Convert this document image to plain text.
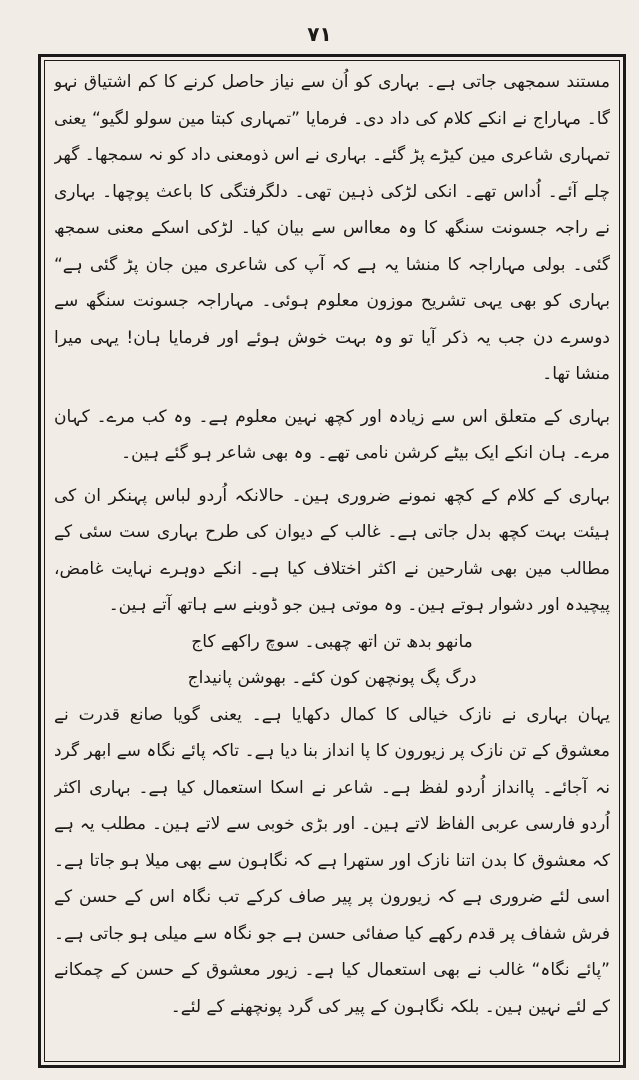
٧١

مستند سمجھی جاتی ہے۔ بہاری کو اُن سے نیاز حاصل کرنے کا کم اشتیاق نہو گا۔ مہاراج نے انکے کلام کی داد دی۔ فرمایا ”تمہاری کبتا مین سولو لگیو“ یعنی تمہاری شاعری مین کیڑے پڑ گئے۔ بہاری نے اس ذومعنی داد کو نہ سمجھا۔ گھر چلے آئے۔ اُداس تھے۔ انکی لڑکی ذہین تھی۔ دلگرفتگی کا باعث پوچھا۔ بہاری نے راجہ جسونت سنگھ کا وہ معااس سے بیان کیا۔ لڑکی اسکے معنی سمجھ گئی۔ بولی مہاراجہ کا منشا یہ ہے کہ آپ کی شاعری مین جان پڑ گئی ہے“ بہاری کو بھی یہی تشریح موزون معلوم ہوئی۔ مہاراجہ جسونت سنگھ سے دوسرے دن جب یہ ذکر آیا تو وہ بہت خوش ہوئے اور فرمایا ہان! یہی میرا منشا تھا۔

بہاری کے متعلق اس سے زیادہ اور کچھ نہین معلوم ہے۔ وہ کب مرے۔ کہان مرے۔ ہان انکے ایک بیٹے کرشن نامی تھے۔ وہ بھی شاعر ہو گئے ہین۔

بہاری کے کلام کے کچھ نمونے ضروری ہین۔ حالانکہ اُردو لباس پہنکر ان کی ہیئت بہت کچھ بدل جاتی ہے۔ غالب کے دیوان کی طرح بہاری ست سئی کے مطالب مین بھی شارحین نے اکثر اختلاف کیا ہے۔ انکے دوہرے نہایت غامض، پیچیدہ اور دشوار ہوتے ہین۔ وہ موتی ہین جو ڈوبنے سے ہاتھ آتے ہین۔

مانھو بدھ تن اتھ چھبی۔ سوچ راکھے کاج
درگ پگ پونچھن کون کئے۔ بھوشن پانیداج

یہان بہاری نے نازک خیالی کا کمال دکھایا ہے۔ یعنی گویا صانع قدرت نے معشوق کے تن نازک پر زیورون کا پا انداز بنا دیا ہے۔ تاکہ پائے نگاہ سے ابھر گرد نہ آجائے۔ پاانداز اُردو لفظ ہے۔ شاعر نے اسکا استعمال کیا ہے۔ بہاری اکثر اُردو فارسی عربی الفاظ لاتے ہین۔ اور بڑی خوبی سے لاتے ہین۔ مطلب یہ ہے کہ معشوق کا بدن اتنا نازک اور ستھرا ہے کہ نگاہون سے بھی میلا ہو جاتا ہے۔ اسی لئے ضروری ہے کہ زیورون پر پیر صاف کرکے تب نگاہ اس کے حسن کے فرش شفاف پر قدم رکھے کیا صفائی حسن ہے جو نگاہ سے میلی ہو جاتی ہے۔ ”پائے نگاہ“ غالب نے بھی استعمال کیا ہے۔ زیور معشوق کے حسن کے چمکانے کے لئے نہین ہین۔ بلکہ نگاہون کے پیر کی گرد پونچھنے کے لئے۔
